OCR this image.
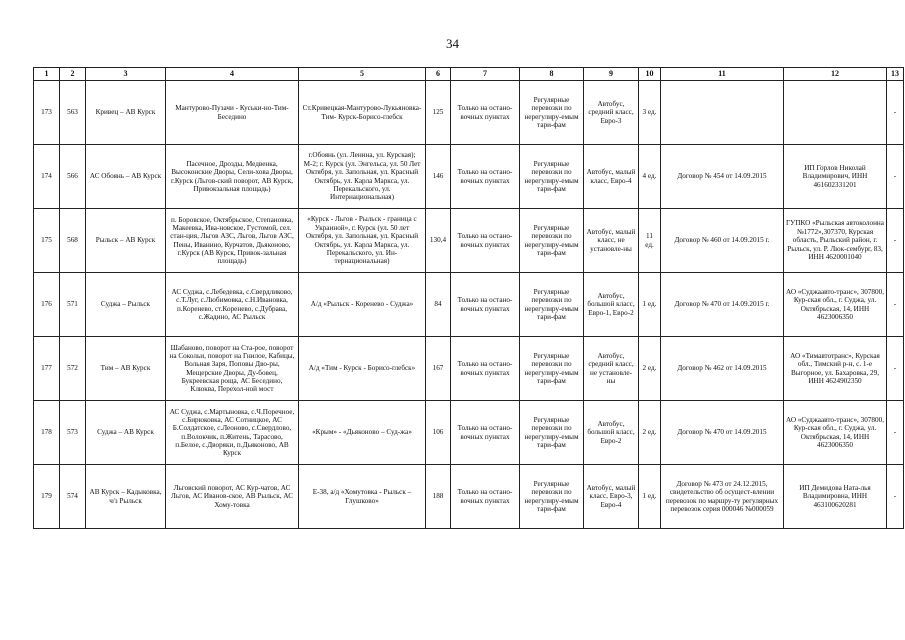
34
1	2	3	4	5	6	7	8	9	10	11	12	13
173	563	Кривец – АВ Курск	Мантурово-Пузачи - Куськи-но-Тим-Беседино	Ст.Кривецкая-Мантурово-Лукьяновка- Тим- Курск-Борисо-глебск	125	Только на остано-вочных пунктах	Регулярные перевозки по нерегулиру-емым тари-фам	Автобус, средний класс, Евро-3	3 ед.			-
174	566	АС Обоянь – АВ Курск	Пасечное, Дрозды, Медвенка, Высоконские Дворы, Сели-хова Дворы, г.Курск (Льгов-ский поворот, АВ Курск, Привокзальная площадь)	г.Обоянь (ул. Ленина, ул. Курская); М-2; г. Курск (ул. Энгельса, ул. 50 Лет Октября, ул. Запольная, ул. Красный Октябрь, ул. Карла Маркса, ул. Перекальского, ул. Интернациональная)	146	Только на остано-вочных пунктах	Регулярные перевозки по нерегулиру-емым тари-фам	Автобус, малый класс, Евро-4	4 ед.	Договор № 454 от 14.09.2015	ИП Горлов Николай Владимирович, ИНН 461602331201	-
175	568	Рыльск – АВ Курск	п. Боровское, Октябрьское, Степановка, Макеевка, Ива-новское, Густомой, сел. стан-ция, Льгов АЗС, Льгов, Льгов АЗС, Пены, Иванино, Курчатов, Дьяконово, г.Курск (АВ Курск, Привок-зальная площадь)	«Курск - Льгов - Рыльск - граница с Украиной», г. Курск (ул. 50 лет Октября, ул. Запольная, ул. Красный Октябрь, ул. Карла Маркса, ул. Перекальского, ул. Ин-тернациональная)	130,4	Только на остано-вочных пунктах	Регулярные перевозки по нерегулиру-емым тари-фам	Автобус, малый класс, не установле-ны	11 ед.	Договор № 460 от 14.09.2015 г.	ГУПКО «Рыльская автоколонна №1772»,307370, Курская область, Рыльский район, г. Рыльск, ул. Р. Люк-сембург, 83, ИНН 4620001040	-
176	571	Суджа – Рыльск	АС Суджа, с.Лебедевка, с.Свердликово, с.Т.Луг, с.Любимовка, с.Н.Ивановка, п.Коренево, ст.Коренево, с.Дубрава, с.Жадино, АС Рыльск	А/д «Рыльск - Коренево - Суджа»	84	Только на остано-вочных пунктах	Регулярные перевозки по нерегулиру-емым тари-фам	Автобус, большой класс, Евро-1, Евро-2	1 ед.	Договор № 470 от 14.09.2015 г.	АО «Суджаавто-транс», 307800, Кур-ская обл., г. Суджа, ул. Октябрьская, 14, ИНН 4623006350	-
177	572	Тим – АВ Курск	Шабаново, поворот на Ста-рое, поворот на Сокольи, поворот на Гнилое, Кабицы, Вольная Заря, Поповы Дво-ры, Мещерские Дворы, Ду-бовец, Букреевская роща, АС Беседино, Клюква, Перехол-ной мост	А/д «Тим - Курск - Борисо-глебск»	167	Только на остано-вочных пунктах	Регулярные перевозки по нерегулиру-емым тари-фам	Автобус, средний класс, не установле-ны	2 ед.	Договор № 462 от 14.09.2015	АО «Тимавтотранс», Курская обл., Тимский р-н, с. 1-е Выгорное, ул. Бахаровка, 29, ИНН 4624902350	-
178	573	Суджа – АВ Курск	АС Суджа, с.Мартыновка, с.Ч.Поречное, с.Бирюковка, АС Сотницкое, АС Б.Солдатское, с.Леоново, с.Свердлово, п.Волокчик, п.Житень, Тарасово, п.Белое, с.Дворяки, п.Дьяконово, АВ Курск	«Крым» - «Дьяконово – Суд-жа»	106	Только на остано-вочных пунктах	Регулярные перевозки по нерегулиру-емым тари-фам	Автобус, большой класс, Евро-2	2 ед.	Договор № 470 от 14.09.2015	АО «Суджаавто-транс», 307800, Кур-ская обл., г. Суджа, ул. Октябрьская, 14, ИНН 4623006350	-
179	574	АВ Курск – Кадыковка, ч/з Рыльск	Льговский поворот, АС Кур-чатов, АС Льгов, АС Иванов-ское, АВ Рыльск, АС Хому-товка	Е-38, а/д «Хомутовка - Рыльск – Глушково»	188	Только на остано-вочных пунктах	Регулярные перевозки по нерегулиру-емым тари-фам	Автобус, малый класс, Евро-3, Евро-4	1 ед.	Договор № 473 от 24.12.2015, свидетельство об осущест-влении перевозок по маршру-ту регулярных перевозок серия 000046 №000059	ИП Демидова Ната-лья Владимировна, ИНН 463100620281	-
